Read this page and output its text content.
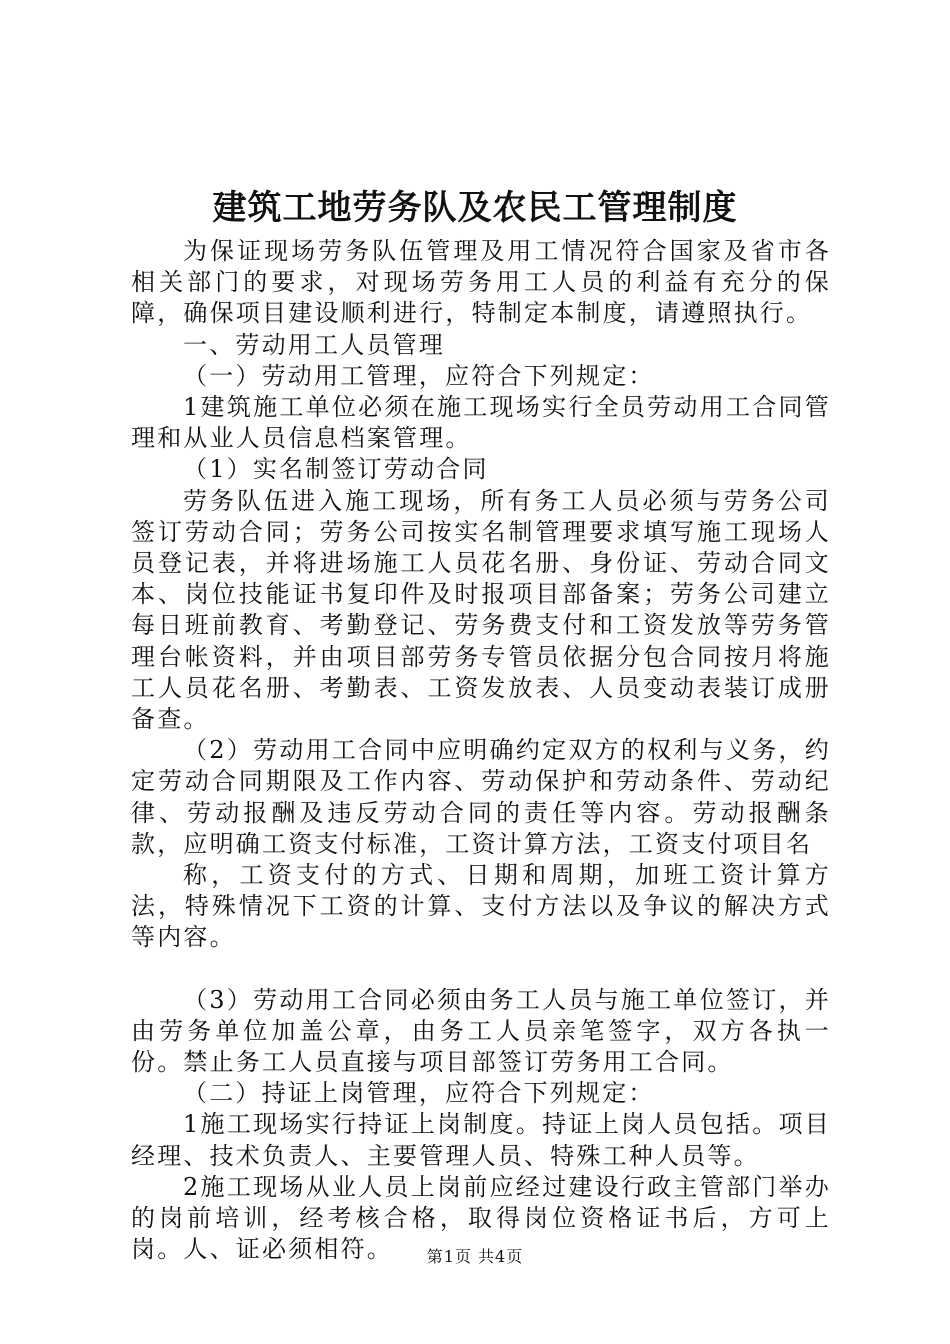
建筑工地劳务队及农民工管理制度

为保证现场劳务队伍管理及用工情况符合国家及省市各相关部门的要求，对现场劳务用工人员的利益有充分的保障，确保项目建设顺利进行，特制定本制度，请遵照执行。

一、劳动用工人员管理

（一）劳动用工管理，应符合下列规定：

1建筑施工单位必须在施工现场实行全员劳动用工合同管理和从业人员信息档案管理。

（1）实名制签订劳动合同

劳务队伍进入施工现场，所有务工人员必须与劳务公司签订劳动合同；劳务公司按实名制管理要求填写施工现场人员登记表，并将进场施工人员花名册、身份证、劳动合同文本、岗位技能证书复印件及时报项目部备案；劳务公司建立每日班前教育、考勤登记、劳务费支付和工资发放等劳务管理台帐资料，并由项目部劳务专管员依据分包合同按月将施工人员花名册、考勤表、工资发放表、人员变动表装订成册备查。

（2）劳动用工合同中应明确约定双方的权利与义务，约定劳动合同期限及工作内容、劳动保护和劳动条件、劳动纪律、劳动报酬及违反劳动合同的责任等内容。劳动报酬条款，应明确工资支付标准，工资计算方法，工资支付项目名

称，工资支付的方式、日期和周期，加班工资计算方法，特殊情况下工资的计算、支付方法以及争议的解决方式等内容。

（3）劳动用工合同必须由务工人员与施工单位签订，并由劳务单位加盖公章，由务工人员亲笔签字，双方各执一份。禁止务工人员直接与项目部签订劳务用工合同。

（二）持证上岗管理，应符合下列规定：

1施工现场实行持证上岗制度。持证上岗人员包括。项目经理、技术负责人、主要管理人员、特殊工种人员等。

2施工现场从业人员上岗前应经过建设行政主管部门举办的岗前培训，经考核合格，取得岗位资格证书后，方可上岗。人、证必须相符。	第1页 共4页
